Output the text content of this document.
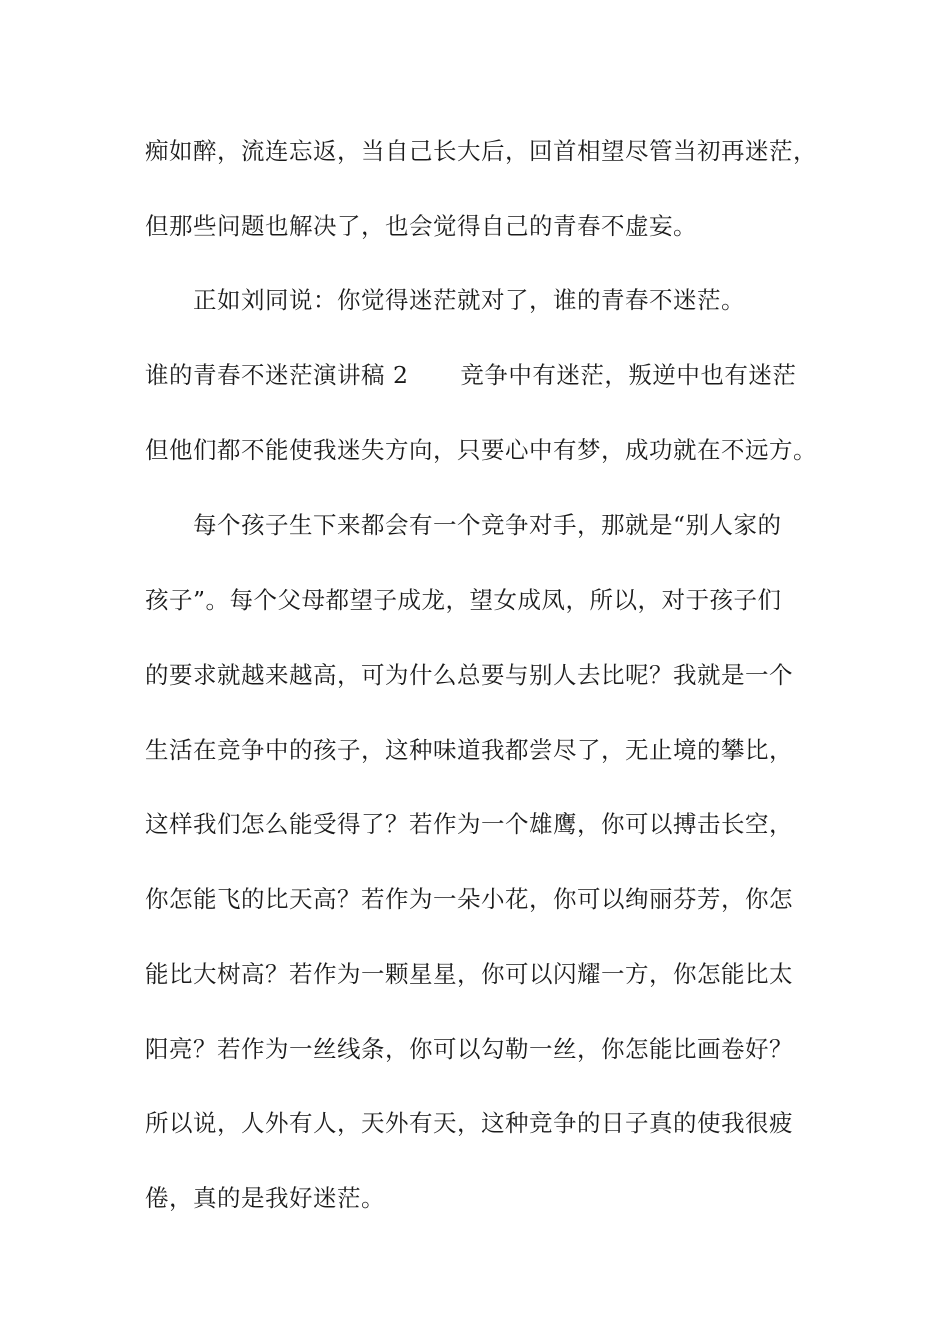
痴如醉，流连忘返，当自己长大后，回首相望尽管当初再迷茫，
但那些问题也解决了，也会觉得自己的青春不虚妄。
正如刘同说：你觉得迷茫就对了，谁的青春不迷茫。
谁的青春不迷茫演讲稿 2 竞争中有迷茫，叛逆中也有迷茫
但他们都不能使我迷失方向，只要心中有梦，成功就在不远方。
每个孩子生下来都会有一个竞争对手，那就是“别人家的
孩子”。每个父母都望子成龙，望女成凤，所以，对于孩子们
的要求就越来越高，可为什么总要与别人去比呢？我就是一个
生活在竞争中的孩子，这种味道我都尝尽了，无止境的攀比，
这样我们怎么能受得了？若作为一个雄鹰，你可以搏击长空，
你怎能飞的比天高？若作为一朵小花，你可以绚丽芬芳，你怎
能比大树高？若作为一颗星星，你可以闪耀一方，你怎能比太
阳亮？若作为一丝线条，你可以勾勒一丝，你怎能比画卷好？
所以说，人外有人，天外有天，这种竞争的日子真的使我很疲
倦，真的是我好迷茫。
